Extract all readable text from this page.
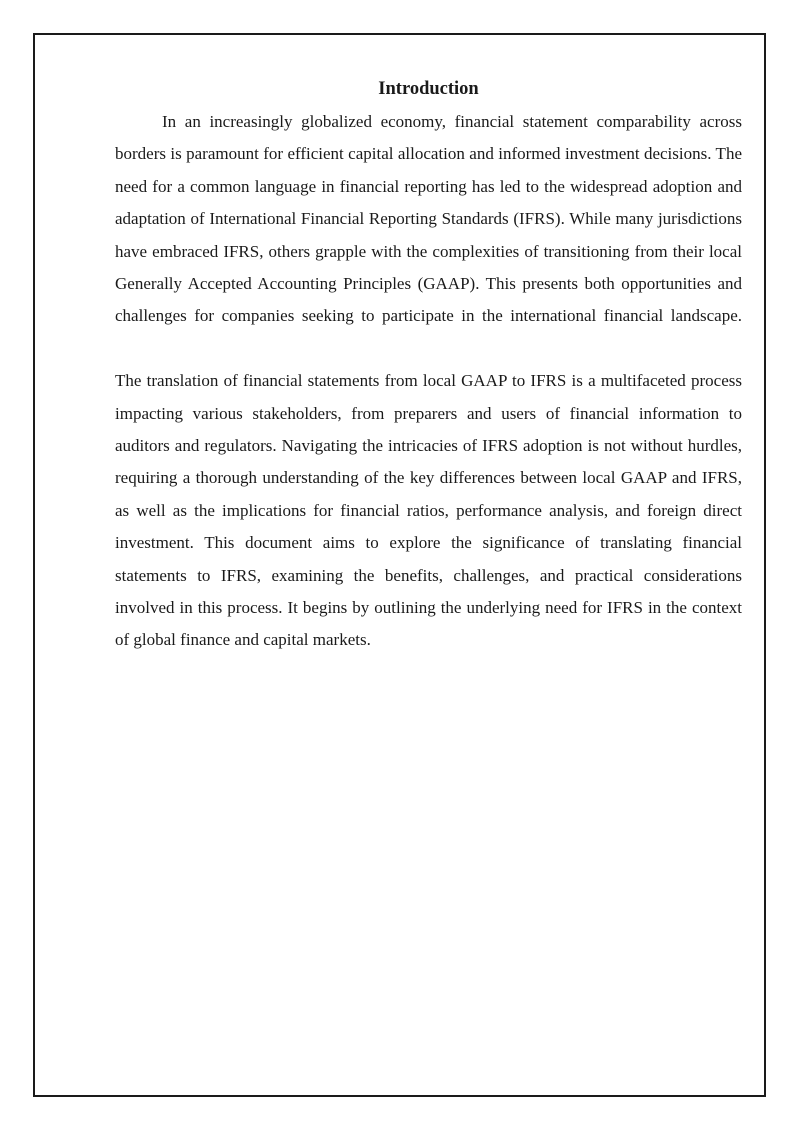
Introduction

In an increasingly globalized economy, financial statement comparability across borders is paramount for efficient capital allocation and informed investment decisions. The need for a common language in financial reporting has led to the widespread adoption and adaptation of International Financial Reporting Standards (IFRS). While many jurisdictions have embraced IFRS, others grapple with the complexities of transitioning from their local Generally Accepted Accounting Principles (GAAP). This presents both opportunities and challenges for companies seeking to participate in the international financial landscape.

The translation of financial statements from local GAAP to IFRS is a multifaceted process impacting various stakeholders, from preparers and users of financial information to auditors and regulators. Navigating the intricacies of IFRS adoption is not without hurdles, requiring a thorough understanding of the key differences between local GAAP and IFRS, as well as the implications for financial ratios, performance analysis, and foreign direct investment. This document aims to explore the significance of translating financial statements to IFRS, examining the benefits, challenges, and practical considerations involved in this process. It begins by outlining the underlying need for IFRS in the context of global finance and capital markets.
